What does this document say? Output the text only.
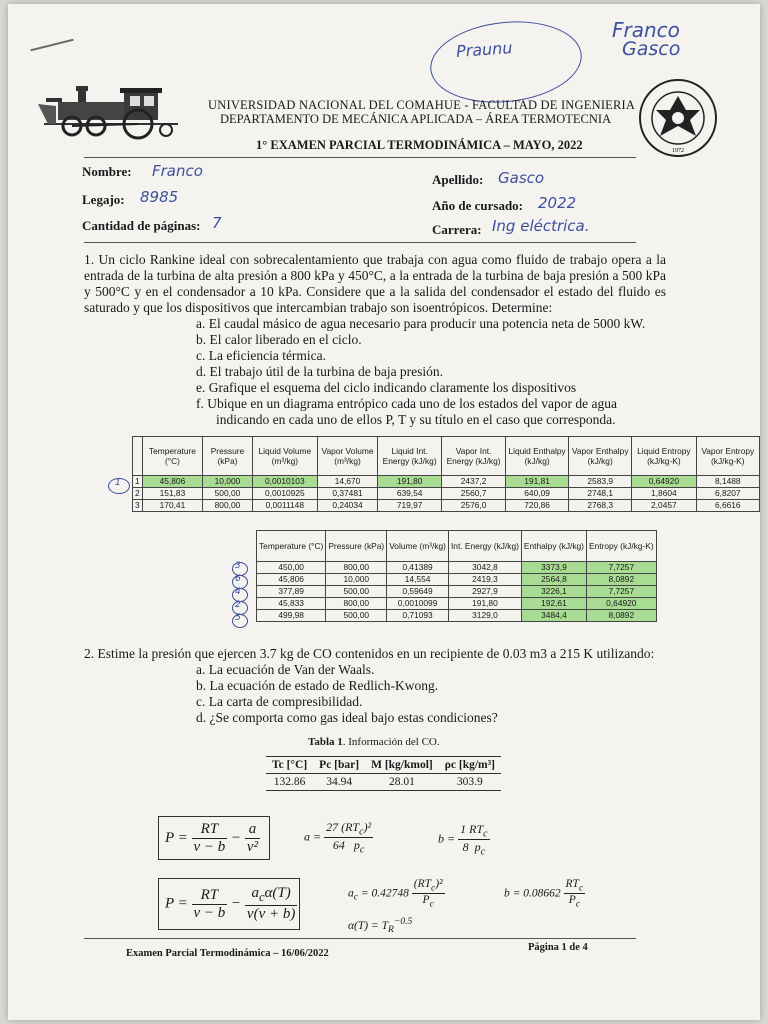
Franco
Gasco
Praunu
1972
UNIVERSIDAD NACIONAL DEL COMAHUE - FACULTAD DE INGENIERIA
DEPARTAMENTO DE MECÁNICA APLICADA – ÁREA TERMOTECNIA
1° EXAMEN PARCIAL TERMODINÁMICA – MAYO, 2022
Nombre: Franco
Legajo: 8985
Cantidad de páginas: 7
Apellido: Gasco
Año de cursado: 2022
Carrera: Ing eléctrica.
1. Un ciclo Rankine ideal con sobrecalentamiento que trabaja con agua como fluido de trabajo opera a la entrada de la turbina de alta presión a 800 kPa y 450°C, a la entrada de la turbina de baja presión a 500 kPa y 500°C y en el condensador a 10 kPa. Considere que a la salida del condensador el estado del fluido es saturado y que los dispositivos que intercambian trabajo son isoentrópicos. Determine:
a. El caudal másico de agua necesario para producir una potencia neta de 5000 kW.
b. El calor liberado en el ciclo.
c. La eficiencia térmica.
d. El trabajo útil de la turbina de baja presión.
e. Grafique el esquema del ciclo indicando claramente los dispositivos
f. Ubique en un diagrama entrópico cada uno de los estados del vapor de agua
indicando en cada uno de ellos P, T y su título en el caso que corresponda.
	Temperature (°C)	Pressure (kPa)	Liquid Volume (m³/kg)	Vapor Volume (m³/kg)	Liquid Int. Energy (kJ/kg)	Vapor Int. Energy (kJ/kg)	Liquid Enthalpy (kJ/kg)	Vapor Enthalpy (kJ/kg)	Liquid Entropy (kJ/kg-K)	Vapor Entropy (kJ/kg-K)
1	45,806	10,000	0,0010103	14,670	191,80	2437,2	191,81	2583,9	0,64920	8,1488
2	151,83	500,00	0,0010925	0,37481	639,54	2560,7	640,09	2748,1	1,8604	6,8207
3	170,41	800,00	0,0011148	0,24034	719,97	2576,0	720,86	2768,3	2,0457	6,6616
1
Temperature (°C)	Pressure (kPa)	Volume (m³/kg)	Int. Energy (kJ/kg)	Enthalpy (kJ/kg)	Entropy (kJ/kg-K)
450,00	800,00	0,41389	3042,8	3373,9	7,7257
45,806	10,000	14,554	2419,3	2564,8	8,0892
377,89	500,00	0,59649	2927,9	3226,1	7,7257
45,833	800,00	0,0010099	191,80	192,61	0,64920
499,98	500,00	0,71093	3129,0	3484,4	8,0892
3
6
4
2
5
2. Estime la presión que ejercen 3.7 kg de CO contenidos en un recipiente de 0.03 m3 a 215 K utilizando:
a. La ecuación de Van der Waals.
b. La ecuación de estado de Redlich-Kwong.
c. La carta de compresibilidad.
d. ¿Se comporta como gas ideal bajo estas condiciones?
Tabla 1. Información del CO.
Tc [°C]	Pc [bar]	M [kg/kmol]	ρc [kg/m³]
132.86	34.94	28.01	303.9
$P = \frac{RT}{v - b} - \frac{a}{\text{v²}}$	$a = \frac{27 (RT_c)^2}{64 p_c}$	$b = \frac{1 RT_c}{8 p_c}$
$P = \frac{RT}{v - b} - \frac{a_c\alpha(T)}{v(v + b)}$	$a_c = 0.42748 \frac{(RT_c)^2}{P_c}$	$b = 0.08662 \frac{RT_c}{P_c}$
$\alpha(T) = T_R^{-0.5}$
Examen Parcial Termodinámica – 16/06/2022
Página 1 de 4
